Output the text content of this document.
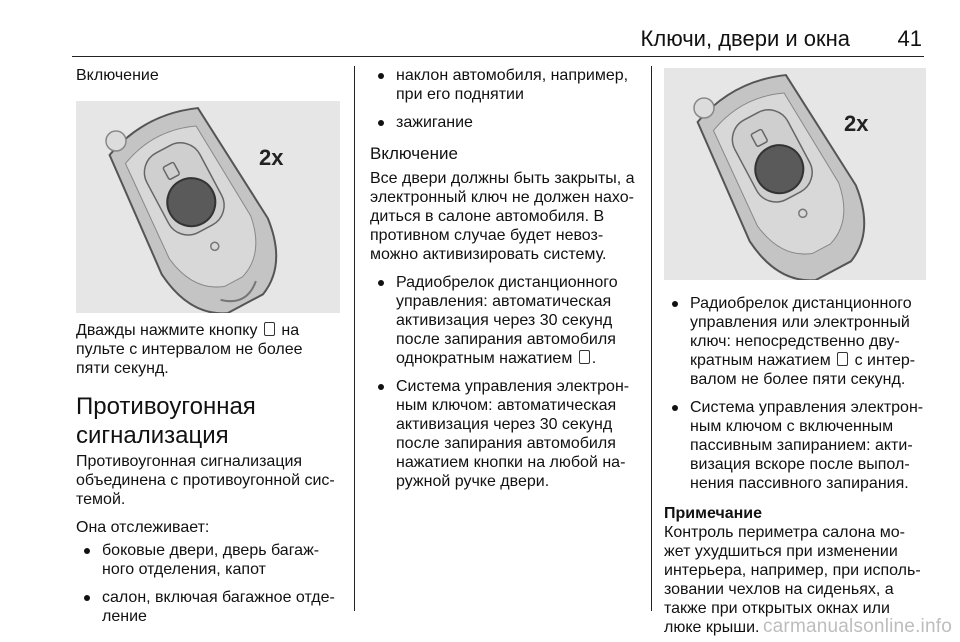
Ключи, двери и окна 41

Включение

2x

Дважды нажмите кнопку на

пульте с интервалом не более

пяти секунд.

Противоугонная

сигнализация

Противоугонная сигнализация

объединена с противоугонной сис-

темой.

Она отслеживает:

боковые двери, дверь багаж-
ного отделения, капот
салон, включая багажное отде-
ление
наклон автомобиля, например,
при его поднятии
зажигание

Включение

Все двери должны быть закрыты, а

электронный ключ не должен нахо-

диться в салоне автомобиля. В

противном случае будет невоз-

можно активизировать систему.

Радиобрелок дистанционного
управления: автоматическая
активизация через 30 секунд
после запирания автомобиля
однократным нажатием .
Система управления электрон-
ным ключом: автоматическая
активизация через 30 секунд
после запирания автомобиля
нажатием кнопки на любой на-
ружной ручке двери.
2x
Радиобрелок дистанционного
управления или электронный
ключ: непосредственно дву-
кратным нажатием с интер-
валом не более пяти секунд.
Система управления электрон-
ным ключом с включенным
пассивным запиранием: акти-
визация вскоре после выпол-
нения пассивного запирания.

Примечание

Контроль периметра салона мо-

жет ухудшиться при изменении

интерьера, например, при исполь-

зовании чехлов на сиденьях, а

также при открытых окнах или

люке крыши. carmanualsonline.info
